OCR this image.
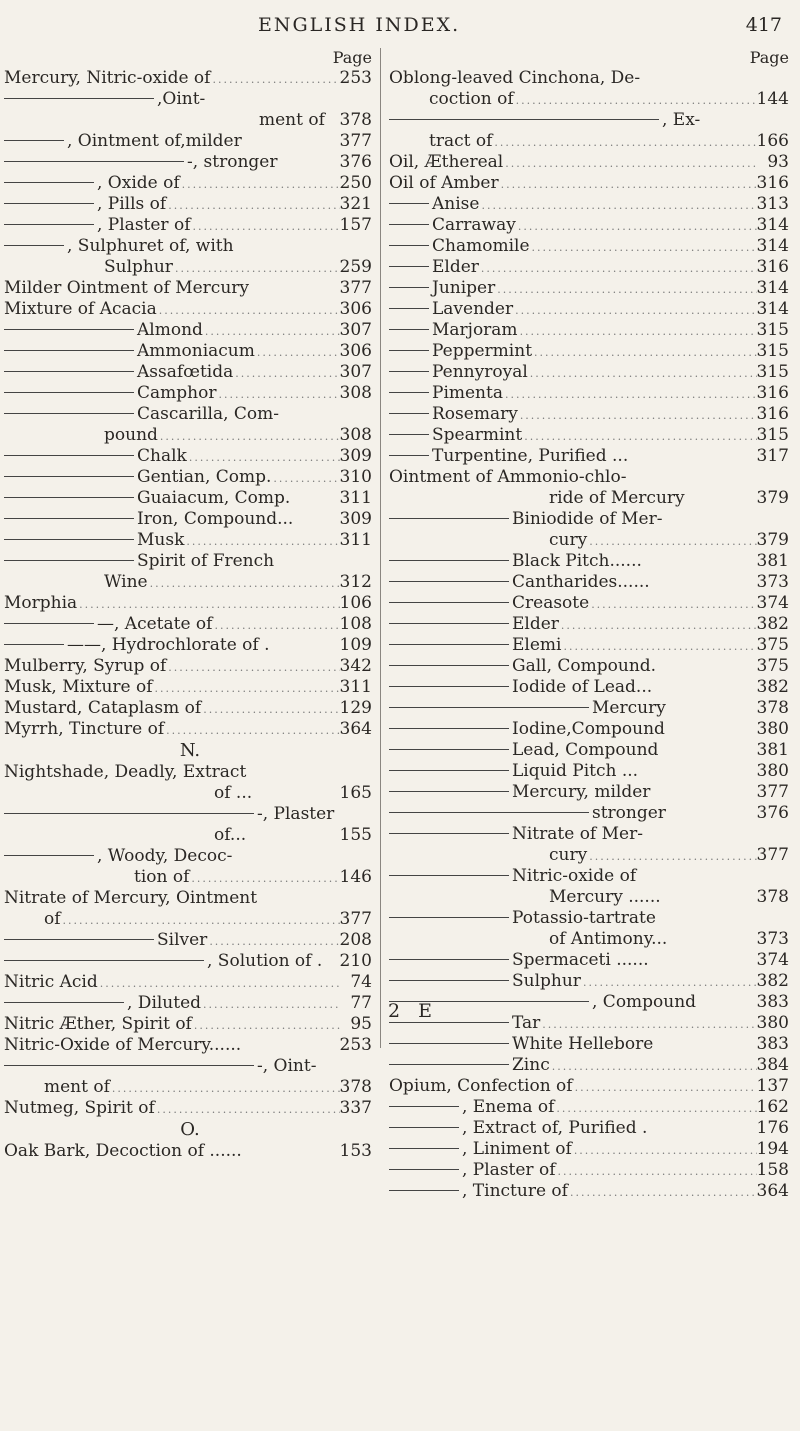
ENGLISH INDEX.	417
Page
Mercury, Nitric-oxide of .....	253
,Oint-
ment of 378
, Ointment of,milder	377
-, stronger	376
, Oxide of .....	250
, Pills of .....	321
, Plaster of .....	157
, Sulphuret of, with
Sulphur .....	259
Milder Ointment of Mercury	377
Mixture of Acacia .....	306
Almond .....	307
Ammoniacum .....	306
Assafœtida .....	307
Camphor .....	308
Cascarilla, Com-
pound .....	308
Chalk .....	309
Gentian, Comp. .....	310
Guaiacum, Comp.	311
Iron, Compound...	309
Musk .....	311
Spirit of French
Wine .....	312
Morphia .....	106
—, Acetate of .....	108
——, Hydrochlorate of .	109
Mulberry, Syrup of .....	342
Musk, Mixture of .....	311
Mustard, Cataplasm of .....	129
Myrrh, Tincture of .....	364
N.
Nightshade, Deadly, Extract
of ...	165
-, Plaster
of...	155
, Woody, Decoc-
tion of .....	146
Nitrate of Mercury, Ointment
of .....	377
Silver .....	208
, Solution of . 210
Nitric Acid .....	74
, Diluted .....	77
Nitric Æther, Spirit of .....	95
Nitric-Oxide of Mercury......	253
-, Oint-
ment of .....	378
Nutmeg, Spirit of .....	337
O.
Oak Bark, Decoction of ......	153
Page
Oblong-leaved Cinchona, De-
coction of .....	144
, Ex-
tract of .....	166
Oil, Æthereal .....	93
Oil of Amber .....	316
Anise .....	313
Carraway .....	314
Chamomile .....	314
Elder .....	316
Juniper .....	314
Lavender .....	314
Marjoram .....	315
Peppermint .....	315
Pennyroyal .....	315
Pimenta .....	316
Rosemary .....	316
Spearmint .....	315
Turpentine, Purified ...	317
Ointment of Ammonio-chlo-
ride of Mercury	379
Biniodide of Mer-
cury .....	379
Black Pitch......	381
Cantharides......	373
Creasote .....	374
Elder .....	382
Elemi .....	375
Gall, Compound.	375
Iodide of Lead...	382
Mercury	378
Iodine,Compound	380
Lead, Compound	381
Liquid Pitch ...	380
Mercury, milder	377
stronger	376
Nitrate of Mer-
cury .....	377
Nitric-oxide of
Mercury ......	378
Potassio-tartrate
of Antimony...	373
Spermaceti ......	374
Sulphur .....	382
, Compound	383
Tar .....	380
White Hellebore	383
Zinc .....	384
Opium, Confection of .....	137
, Enema of .....	162
, Extract of, Purified .	176
, Liniment of .....	194
, Plaster of .....	158
, Tincture of .....	364
2 E
